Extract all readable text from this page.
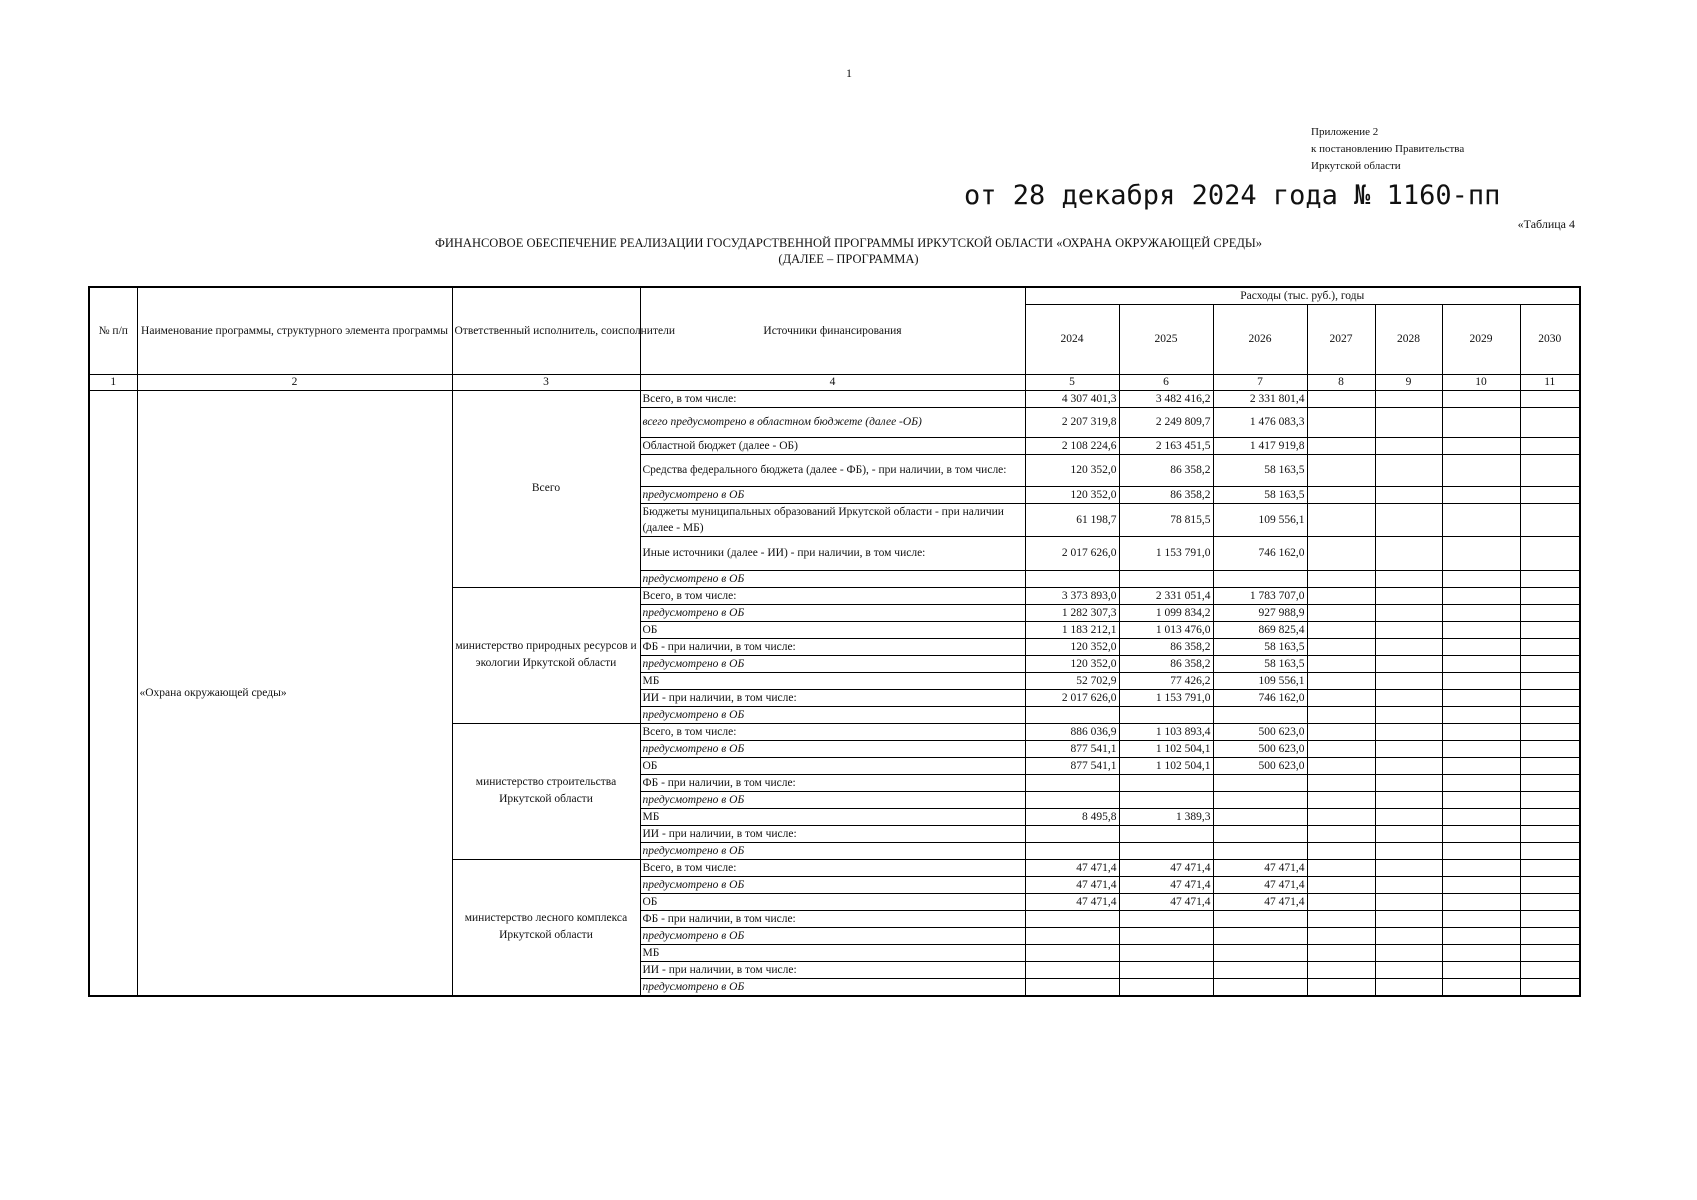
1
Приложение 2
к постановлению Правительства
Иркутской области
от 28 декабря 2024 года № 1160-пп
«Таблица 4
ФИНАНСОВОЕ ОБЕСПЕЧЕНИЕ РЕАЛИЗАЦИИ ГОСУДАРСТВЕННОЙ ПРОГРАММЫ ИРКУТСКОЙ ОБЛАСТИ «ОХРАНА ОКРУЖАЮЩЕЙ СРЕДЫ»
(ДАЛЕЕ – ПРОГРАММА)
№ п/п	Наименование программы, структурного элемента программы	Ответственный исполнитель, соисполнители	Источники финансирования	Расходы (тыс. руб.), годы						
				2024	2025	2026	2027	2028	2029	2030
1	2	3	4	5	6	7	8	9	10	11
	«Охрана окружающей среды»	Всего	Всего, в том числе:	4 307 401,3	3 482 416,2	2 331 801,4				
			всего предусмотрено в областном бюджете (далее -ОБ)	2 207 319,8	2 249 809,7	1 476 083,3				
			Областной бюджет (далее - ОБ)	2 108 224,6	2 163 451,5	1 417 919,8				
			Средства федерального бюджета (далее - ФБ), - при наличии, в том числе:	120 352,0	86 358,2	58 163,5				
			предусмотрено в ОБ	120 352,0	86 358,2	58 163,5				
			Бюджеты муниципальных образований Иркутской области - при наличии (далее - МБ)	61 198,7	78 815,5	109 556,1				
			Иные источники (далее - ИИ) - при наличии, в том числе:	2 017 626,0	1 153 791,0	746 162,0				
			предусмотрено в ОБ							
		министерство природных ресурсов и экологии Иркутской области	Всего, в том числе:	3 373 893,0	2 331 051,4	1 783 707,0				
			предусмотрено в ОБ	1 282 307,3	1 099 834,2	927 988,9				
			ОБ	1 183 212,1	1 013 476,0	869 825,4				
			ФБ - при наличии, в том числе:	120 352,0	86 358,2	58 163,5				
			предусмотрено в ОБ	120 352,0	86 358,2	58 163,5				
			МБ	52 702,9	77 426,2	109 556,1				
			ИИ - при наличии, в том числе:	2 017 626,0	1 153 791,0	746 162,0				
			предусмотрено в ОБ							
		министерство строительства Иркутской области	Всего, в том числе:	886 036,9	1 103 893,4	500 623,0				
			предусмотрено в ОБ	877 541,1	1 102 504,1	500 623,0				
			ОБ	877 541,1	1 102 504,1	500 623,0				
			ФБ - при наличии, в том числе:							
			предусмотрено в ОБ							
			МБ	8 495,8	1 389,3					
			ИИ - при наличии, в том числе:							
			предусмотрено в ОБ							
		министерство лесного комплекса Иркутской области	Всего, в том числе:	47 471,4	47 471,4	47 471,4				
			предусмотрено в ОБ	47 471,4	47 471,4	47 471,4				
			ОБ	47 471,4	47 471,4	47 471,4				
			ФБ - при наличии, в том числе:							
			предусмотрено в ОБ							
			МБ							
			ИИ - при наличии, в том числе:							
			предусмотрено в ОБ							
